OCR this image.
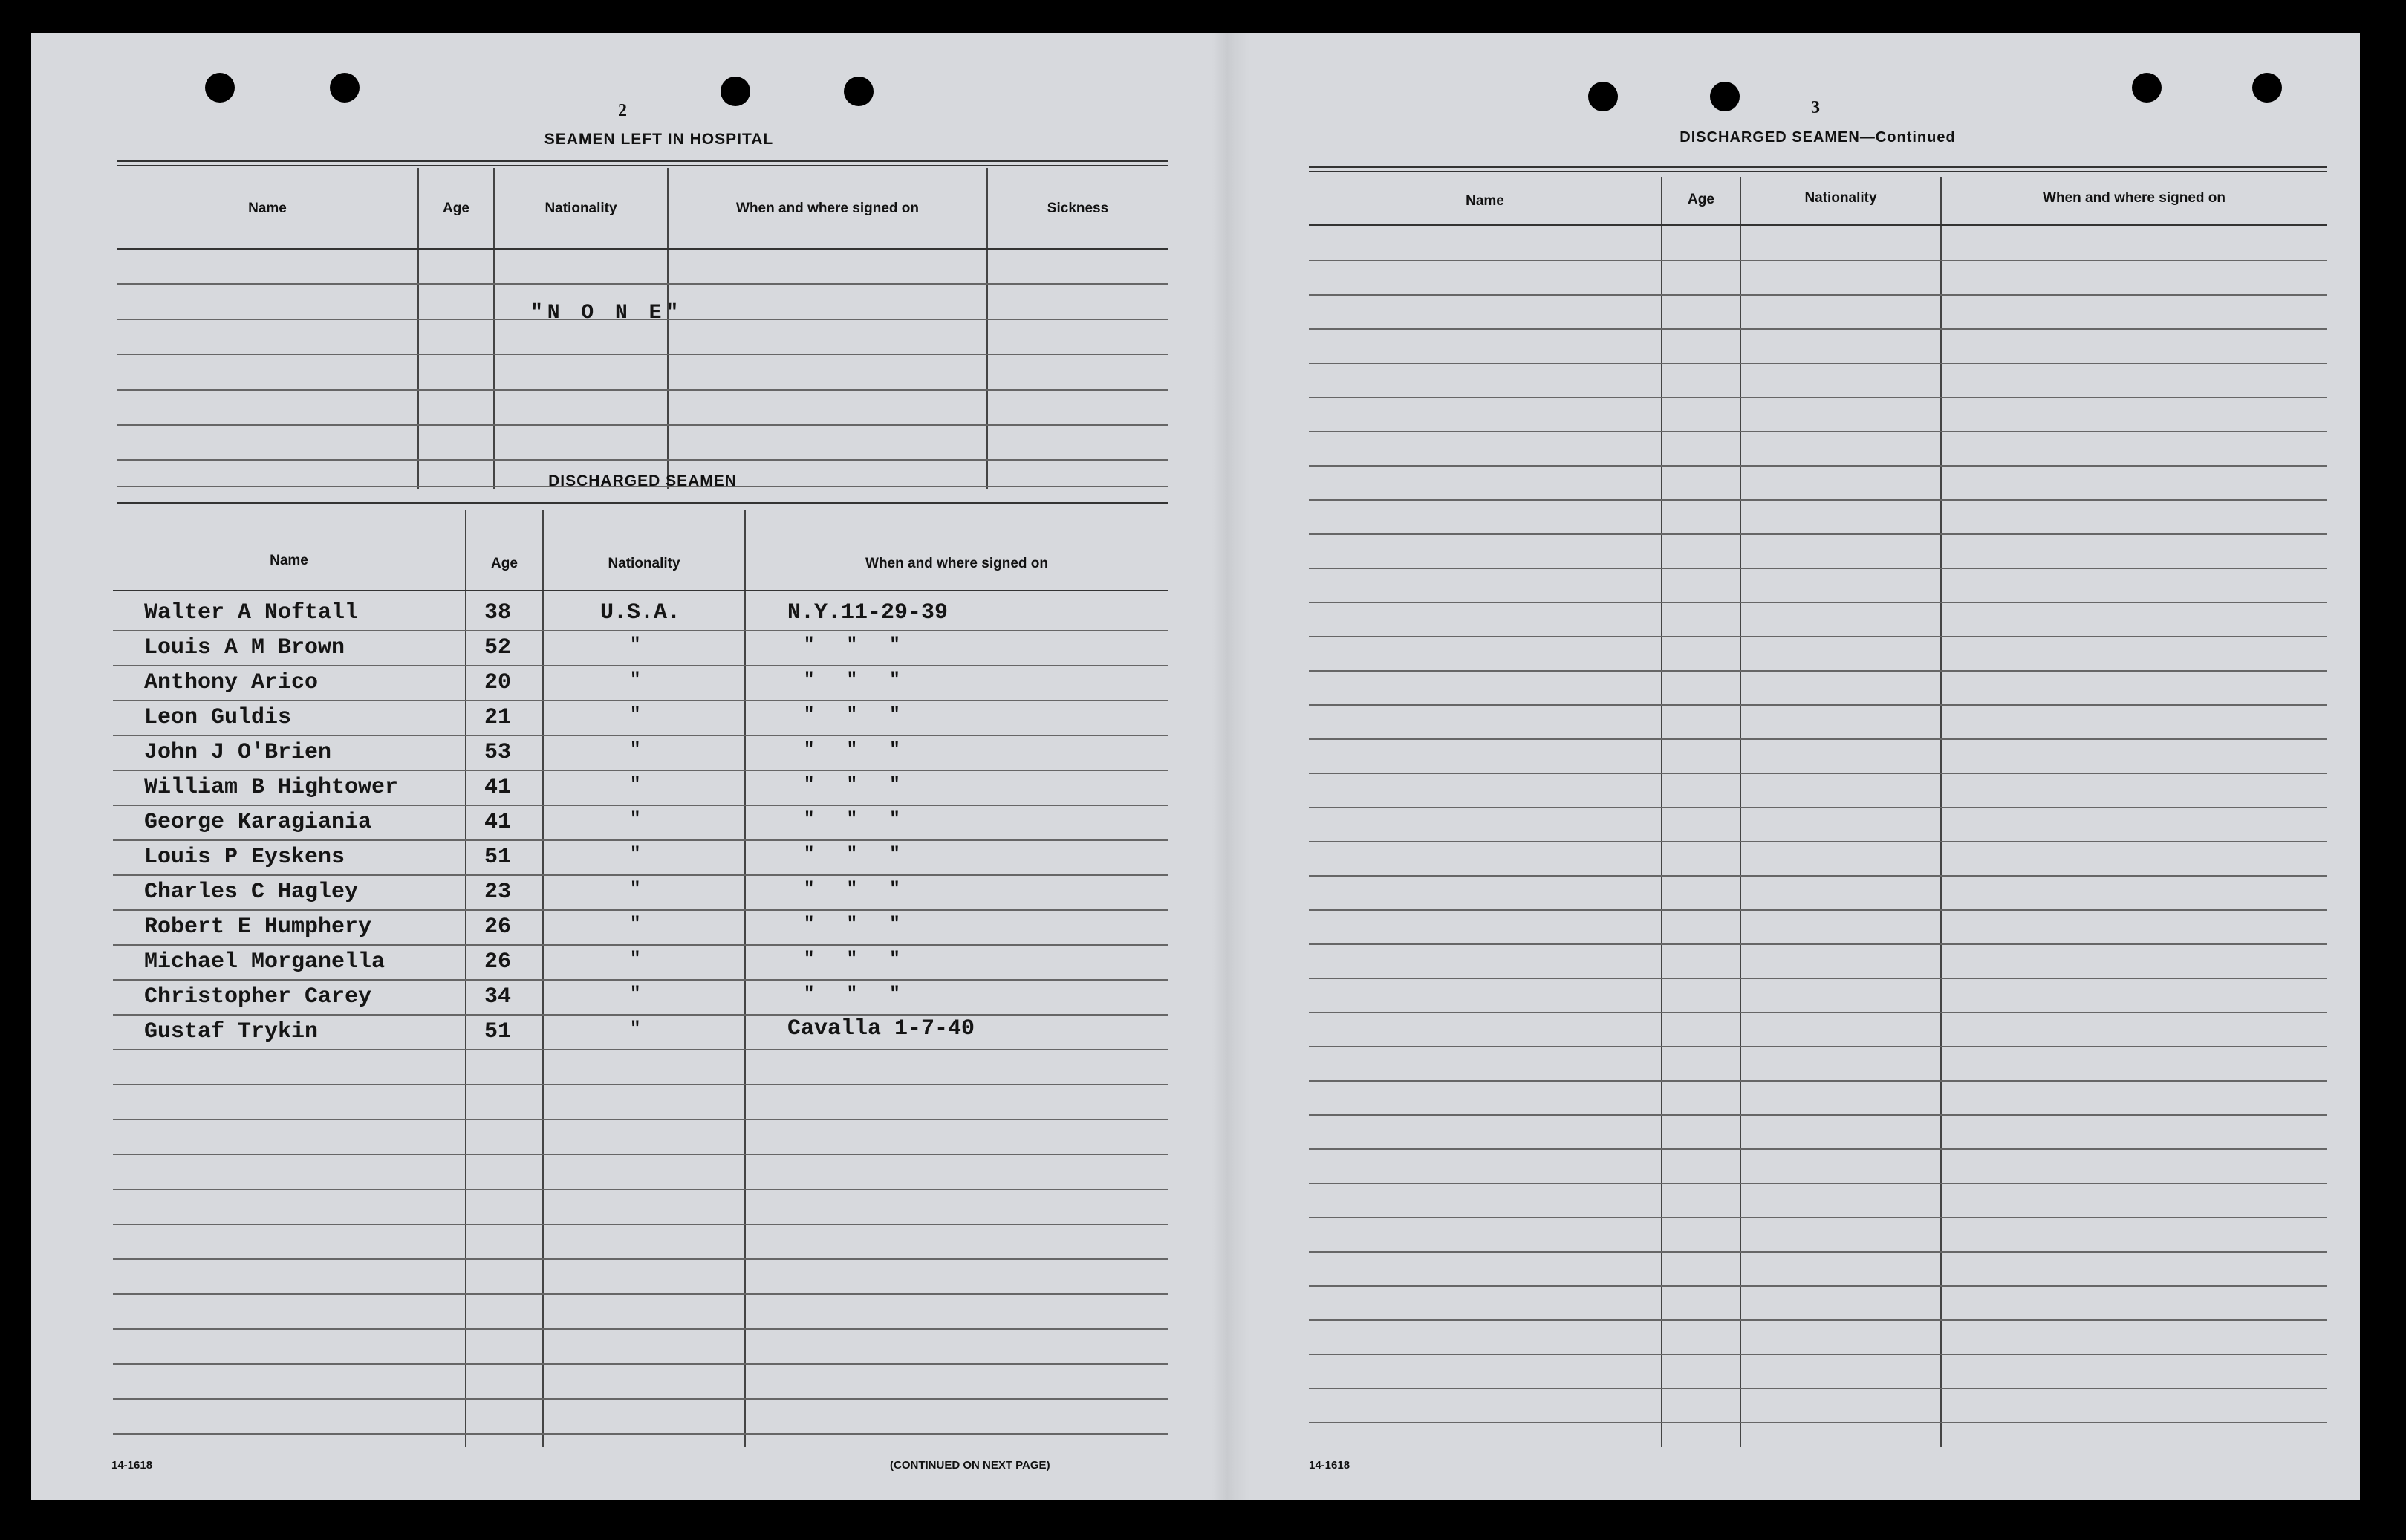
2
SEAMEN LEFT IN HOSPITAL
Name	Age	Nationality	When and where signed on	Sickness
"N O N E"
DISCHARGED SEAMEN
Name	Age	Nationality	When and where signed on
Walter A Noftall	38	U.S.A.	N.Y.11-29-39
Louis A M Brown	52	"	"   "   "
Anthony Arico	20	"	"   "   "
Leon Guldis	21	"	"   "   "
John J O'Brien	53	"	"   "   "
William B Hightower	41	"	"   "   "
George Karagiania	41	"	"   "   "
Louis P Eyskens	51	"	"   "   "
Charles C Hagley	23	"	"   "   "
Robert E Humphery	26	"	"   "   "
Michael Morganella	26	"	"   "   "
Christopher Carey	34	"	"   "   "
Gustaf Trykin	51	"	Cavalla 1-7-40
14-1618	(CONTINUED ON NEXT PAGE)
3
DISCHARGED SEAMEN—Continued
Name	Age	Nationality	When and where signed on
14-1618
